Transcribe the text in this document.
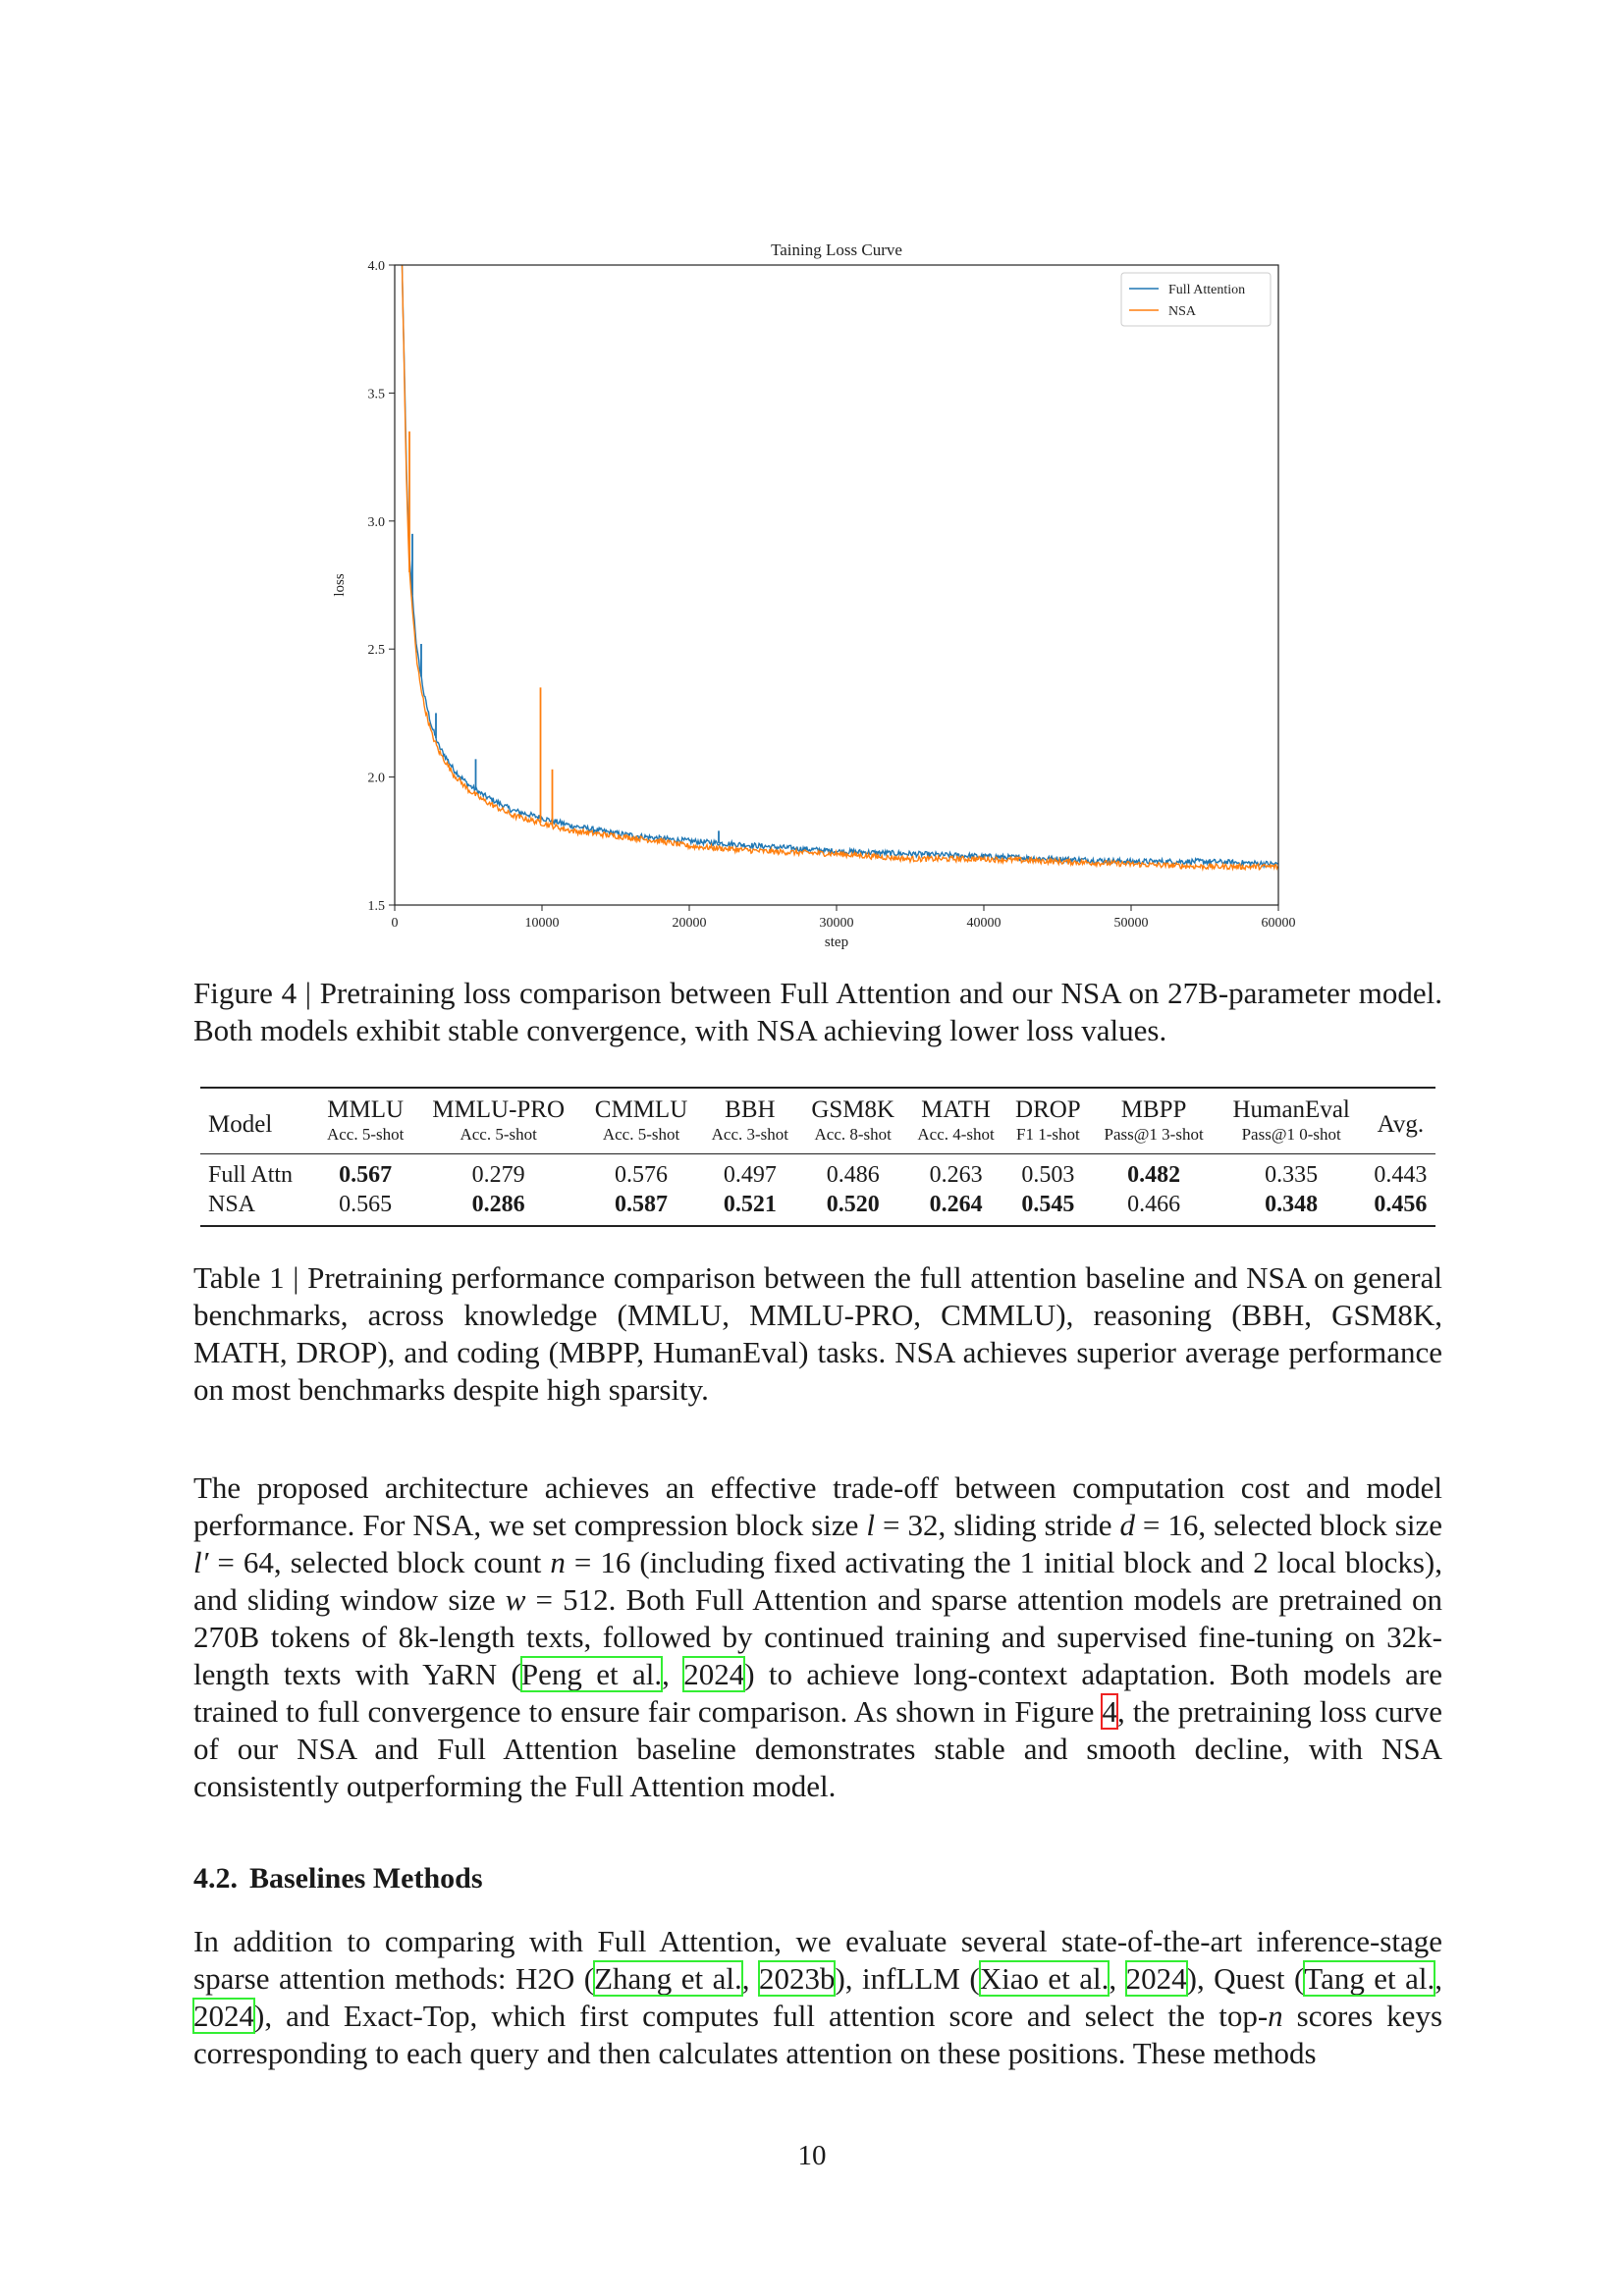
Taining Loss Curve
0	10000	20000	30000	40000	50000	60000
1.5
2.0
2.5
3.0
3.5
4.0
step
loss
Full Attention
NSA
Figure 4 | Pretraining loss comparison between Full Attention and our NSA on 27B-parameter model. Both models exhibit stable convergence, with NSA achieving lower loss values.
Model	MMLU	MMLU-PRO	CMMLU	BBH	GSM8K	MATH	DROP	MBPP	HumanEval	Avg.
	Acc. 5-shot	Acc. 5-shot	Acc. 5-shot	Acc. 3-shot	Acc. 8-shot	Acc. 4-shot	F1 1-shot	Pass@1 3-shot	Pass@1 0-shot	
Full Attn	0.567	0.279	0.576	0.497	0.486	0.263	0.503	0.482	0.335	0.443
NSA	0.565	0.286	0.587	0.521	0.520	0.264	0.545	0.466	0.348	0.456
Table 1 | Pretraining performance comparison between the full attention baseline and NSA on general benchmarks, across knowledge (MMLU, MMLU-PRO, CMMLU), reasoning (BBH, GSM8K, MATH, DROP), and coding (MBPP, HumanEval) tasks. NSA achieves superior average performance on most benchmarks despite high sparsity.
The proposed architecture achieves an effective trade-off between computation cost and model performance. For NSA, we set compression block size l = 32, sliding stride d = 16, selected block size l′ = 64, selected block count n = 16 (including fixed activating the 1 initial block and 2 local blocks), and sliding window size w = 512. Both Full Attention and sparse attention models are pretrained on 270B tokens of 8k-length texts, followed by continued training and supervised fine-tuning on 32k-length texts with YaRN (Peng et al., 2024) to achieve long-context adaptation. Both models are trained to full convergence to ensure fair comparison. As shown in Figure 4, the pretraining loss curve of our NSA and Full Attention baseline demonstrates stable and smooth decline, with NSA consistently outperforming the Full Attention model.
4.2. Baselines Methods
In addition to comparing with Full Attention, we evaluate several state-of-the-art inference-stage sparse attention methods: H2O (Zhang et al., 2023b), infLLM (Xiao et al., 2024), Quest (Tang et al., 2024), and Exact-Top, which first computes full attention score and select the top-n scores keys corresponding to each query and then calculates attention on these positions. These methods
10
